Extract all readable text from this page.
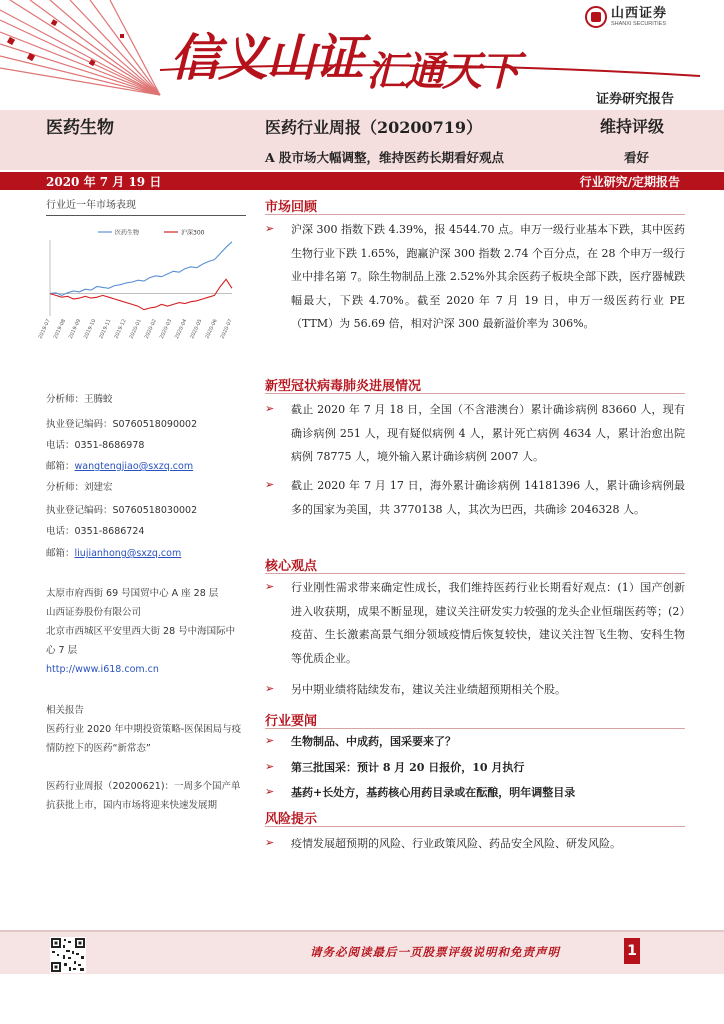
信义山证 汇通天下
山西证券
SHANXI SECURITIES
证券研究报告
医药生物	医药行业周报（20200719）	维持评级
A 股市场大幅调整，维持医药长期看好观点	看好
2020 年 7 月 19 日	行业研究/定期报告
行业近一年市场表现
医药生物	沪深300
2019-07 2019-08 2019-09 2019-10 2019-11 2019-12 2020-01 2020-02 2020-03 2020-04 2020-05 2020-06 2020-07
分析师：王腾蛟
执业登记编码：S0760518090002
电话：0351-8686978
邮箱：wangtengjiao@sxzq.com
分析师：刘建宏
执业登记编码：S0760518030002
电话：0351-8686724
邮箱：liujianhong@sxzq.com
太原市府西街 69 号国贸中心 A 座 28 层
山西证券股份有限公司
北京市西城区平安里西大街 28 号中海国际中心 7 层
http://www.i618.com.cn
相关报告
医药行业 2020 年中期投资策略-医保困局与疫情防控下的医药“新常态”
医药行业周报（20200621)：一周多个国产单抗获批上市，国内市场将迎来快速发展期
市场回顾
➢	沪深 300 指数下跌 4.39%，报 4544.70 点。申万一级行业基本下跌，其中医药生物行业下跌 1.65%，跑赢沪深 300 指数 2.74 个百分点，在 28 个申万一级行业中排名第 7。除生物制品上涨 2.52%外其余医药子板块全部下跌，医疗器械跌幅最大，下跌 4.70%。截至 2020 年 7 月 19 日，申万一级医药行业 PE（TTM）为 56.69 倍，相对沪深 300 最新溢价率为 306%。
新型冠状病毒肺炎进展情况
➢	截止 2020 年 7 月 18 日，全国（不含港澳台）累计确诊病例 83660 人，现有确诊病例 251 人，现有疑似病例 4 人，累计死亡病例 4634 人，累计治愈出院病例 78775 人，境外输入累计确诊病例 2007 人。
➢	截止 2020 年 7 月 17 日，海外累计确诊病例 14181396 人，累计确诊病例最多的国家为美国，共 3770138 人，其次为巴西，共确诊 2046328 人。
核心观点
➢	行业刚性需求带来确定性成长，我们维持医药行业长期看好观点：(1）国产创新进入收获期，成果不断显现，建议关注研发实力较强的龙头企业恒瑞医药等；(2）疫苗、生长激素高景气细分领域疫情后恢复较快，建议关注智飞生物、安科生物等优质企业。
➢	另中期业绩将陆续发布，建议关注业绩超预期相关个股。
行业要闻
➢	生物制品、中成药，国采要来了？
➢	第三批国采：预计 8 月 20 日报价，10 月执行
➢	基药+长处方，基药核心用药目录或在酝酿，明年调整目录
风险提示
➢	疫情发展超预期的风险、行业政策风险、药品安全风险、研发风险。
请务必阅读最后一页股票评级说明和免责声明	1
